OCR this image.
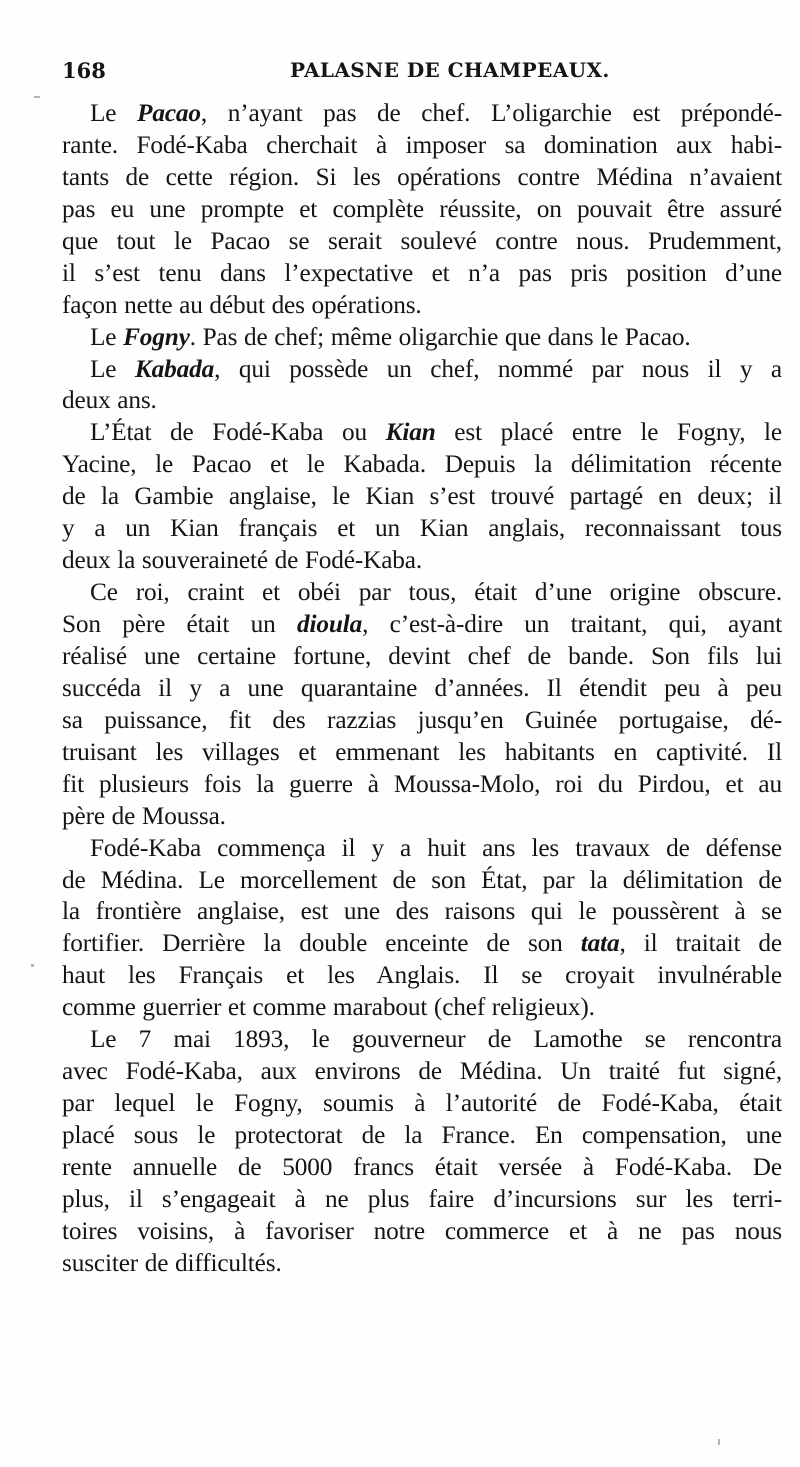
168	PALASNE DE CHAMPEAUX.
Le Pacao, n’ayant pas de chef. L’oligarchie est prépondé-
rante. Fodé-Kaba cherchait à imposer sa domination aux habi-
tants de cette région. Si les opérations contre Médina n’avaient
pas eu une prompte et complète réussite, on pouvait être assuré
que tout le Pacao se serait soulevé contre nous. Prudemment,
il s’est tenu dans l’expectative et n’a pas pris position d’une
façon nette au début des opérations.
Le Fogny. Pas de chef; même oligarchie que dans le Pacao.
Le Kabada, qui possède un chef, nommé par nous il y a
deux ans.
L’État de Fodé-Kaba ou Kian est placé entre le Fogny, le
Yacine, le Pacao et le Kabada. Depuis la délimitation récente
de la Gambie anglaise, le Kian s’est trouvé partagé en deux; il
y a un Kian français et un Kian anglais, reconnaissant tous
deux la souveraineté de Fodé-Kaba.
Ce roi, craint et obéi par tous, était d’une origine obscure.
Son père était un dioula, c’est-à-dire un traitant, qui, ayant
réalisé une certaine fortune, devint chef de bande. Son fils lui
succéda il y a une quarantaine d’années. Il étendit peu à peu
sa puissance, fit des razzias jusqu’en Guinée portugaise, dé-
truisant les villages et emmenant les habitants en captivité. Il
fit plusieurs fois la guerre à Moussa-Molo, roi du Pirdou, et au
père de Moussa.
Fodé-Kaba commença il y a huit ans les travaux de défense
de Médina. Le morcellement de son État, par la délimitation de
la frontière anglaise, est une des raisons qui le poussèrent à se
fortifier. Derrière la double enceinte de son tata, il traitait de
haut les Français et les Anglais. Il se croyait invulnérable
comme guerrier et comme marabout (chef religieux).
Le 7 mai 1893, le gouverneur de Lamothe se rencontra
avec Fodé-Kaba, aux environs de Médina. Un traité fut signé,
par lequel le Fogny, soumis à l’autorité de Fodé-Kaba, était
placé sous le protectorat de la France. En compensation, une
rente annuelle de 5000 francs était versée à Fodé-Kaba. De
plus, il s’engageait à ne plus faire d’incursions sur les terri-
toires voisins, à favoriser notre commerce et à ne pas nous
susciter de difficultés.
